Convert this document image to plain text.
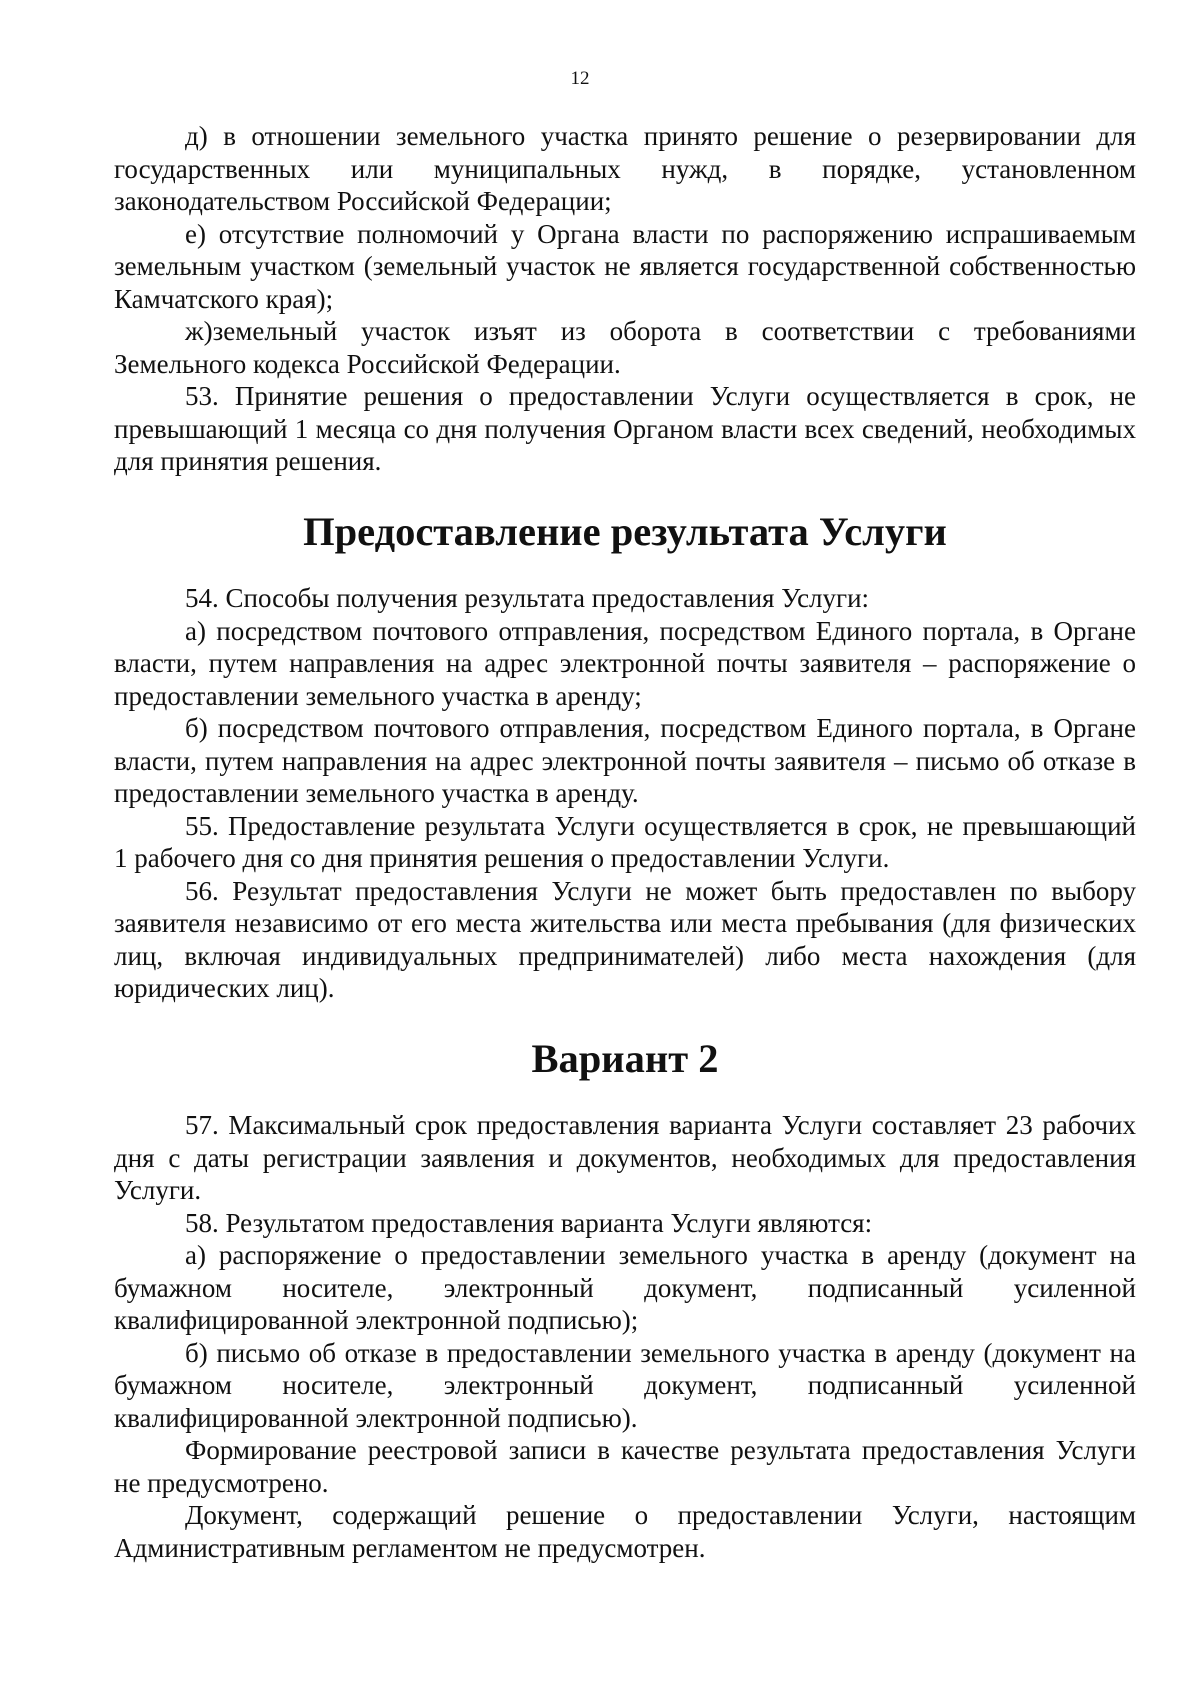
12

д) в отношении земельного участка принято решение о резервировании для государственных или муниципальных нужд, в порядке, установленном законодательством Российской Федерации;

е) отсутствие полномочий у Органа власти по распоряжению испрашиваемым земельным участком (земельный участок не является государственной собственностью Камчатского края);

ж)земельный участок изъят из оборота в соответствии с требованиями Земельного кодекса Российской Федерации.

53. Принятие решения о предоставлении Услуги осуществляется в срок, не превышающий 1 месяца со дня получения Органом власти всех сведений, необходимых для принятия решения.

Предоставление результата Услуги

54. Способы получения результата предоставления Услуги:

а) посредством почтового отправления, посредством Единого портала, в Органе власти, путем направления на адрес электронной почты заявителя – распоряжение о предоставлении земельного участка в аренду;

б) посредством почтового отправления, посредством Единого портала, в Органе власти, путем направления на адрес электронной почты заявителя – письмо об отказе в предоставлении земельного участка в аренду.

55. Предоставление результата Услуги осуществляется в срок, не превышающий 1 рабочего дня со дня принятия решения о предоставлении Услуги.

56. Результат предоставления Услуги не может быть предоставлен по выбору заявителя независимо от его места жительства или места пребывания (для физических лиц, включая индивидуальных предпринимателей) либо места нахождения (для юридических лиц).

Вариант 2

57. Максимальный срок предоставления варианта Услуги составляет 23 рабочих дня с даты регистрации заявления и документов, необходимых для предоставления Услуги.

58. Результатом предоставления варианта Услуги являются:

а) распоряжение о предоставлении земельного участка в аренду (документ на бумажном носителе, электронный документ, подписанный усиленной квалифицированной электронной подписью);

б) письмо об отказе в предоставлении земельного участка в аренду (документ на бумажном носителе, электронный документ, подписанный усиленной квалифицированной электронной подписью).

Формирование реестровой записи в качестве результата предоставления Услуги не предусмотрено.

Документ, содержащий решение о предоставлении Услуги, настоящим Административным регламентом не предусмотрен.
